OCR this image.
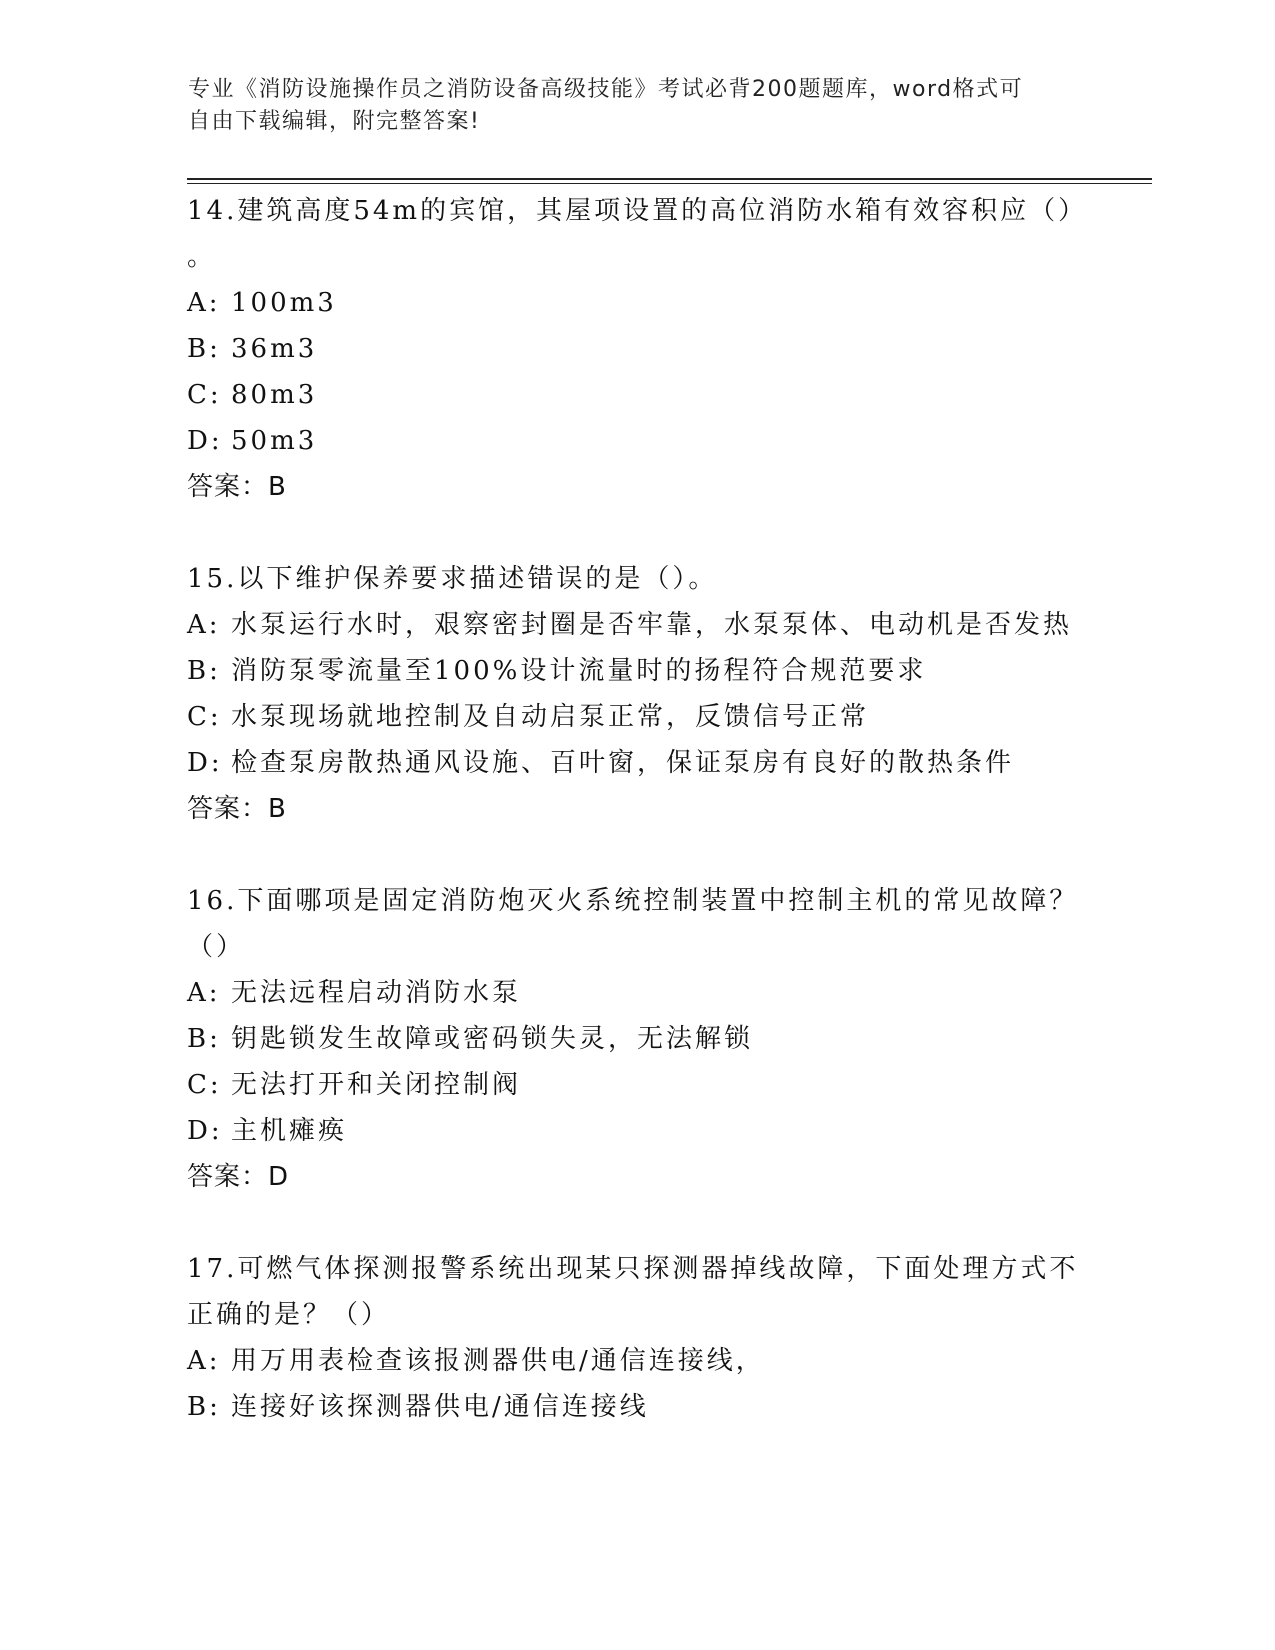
专业《消防设施操作员之消防设备高级技能》考试必背200题题库，word格式可
自由下载编辑，附完整答案!
14.建筑高度54m的宾馆，其屋项设置的高位消防水箱有效容积应（）
。
A: 100m3
B: 36m3
C: 80m3
D: 50m3
答案：B
15.以下维护保养要求描述错误的是（）。
A: 水泵运行水时，艰察密封圈是否牢靠，水泵泵体、电动机是否发热
B: 消防泵零流量至100%设计流量时的扬程符合规范要求
C: 水泵现场就地控制及自动启泵正常，反馈信号正常
D: 检查泵房散热通风设施、百叶窗，保证泵房有良好的散热条件
答案：B
16.下面哪项是固定消防炮灭火系统控制装置中控制主机的常见故障？
（）
A: 无法远程启动消防水泵
B: 钥匙锁发生故障或密码锁失灵，无法解锁
C: 无法打开和关闭控制阀
D: 主机瘫痪
答案：D
17.可燃气体探测报警系统出现某只探测器掉线故障，下面处理方式不
正确的是？（）
A: 用万用表检查该报测器供电/通信连接线，
B: 连接好该探测器供电/通信连接线
